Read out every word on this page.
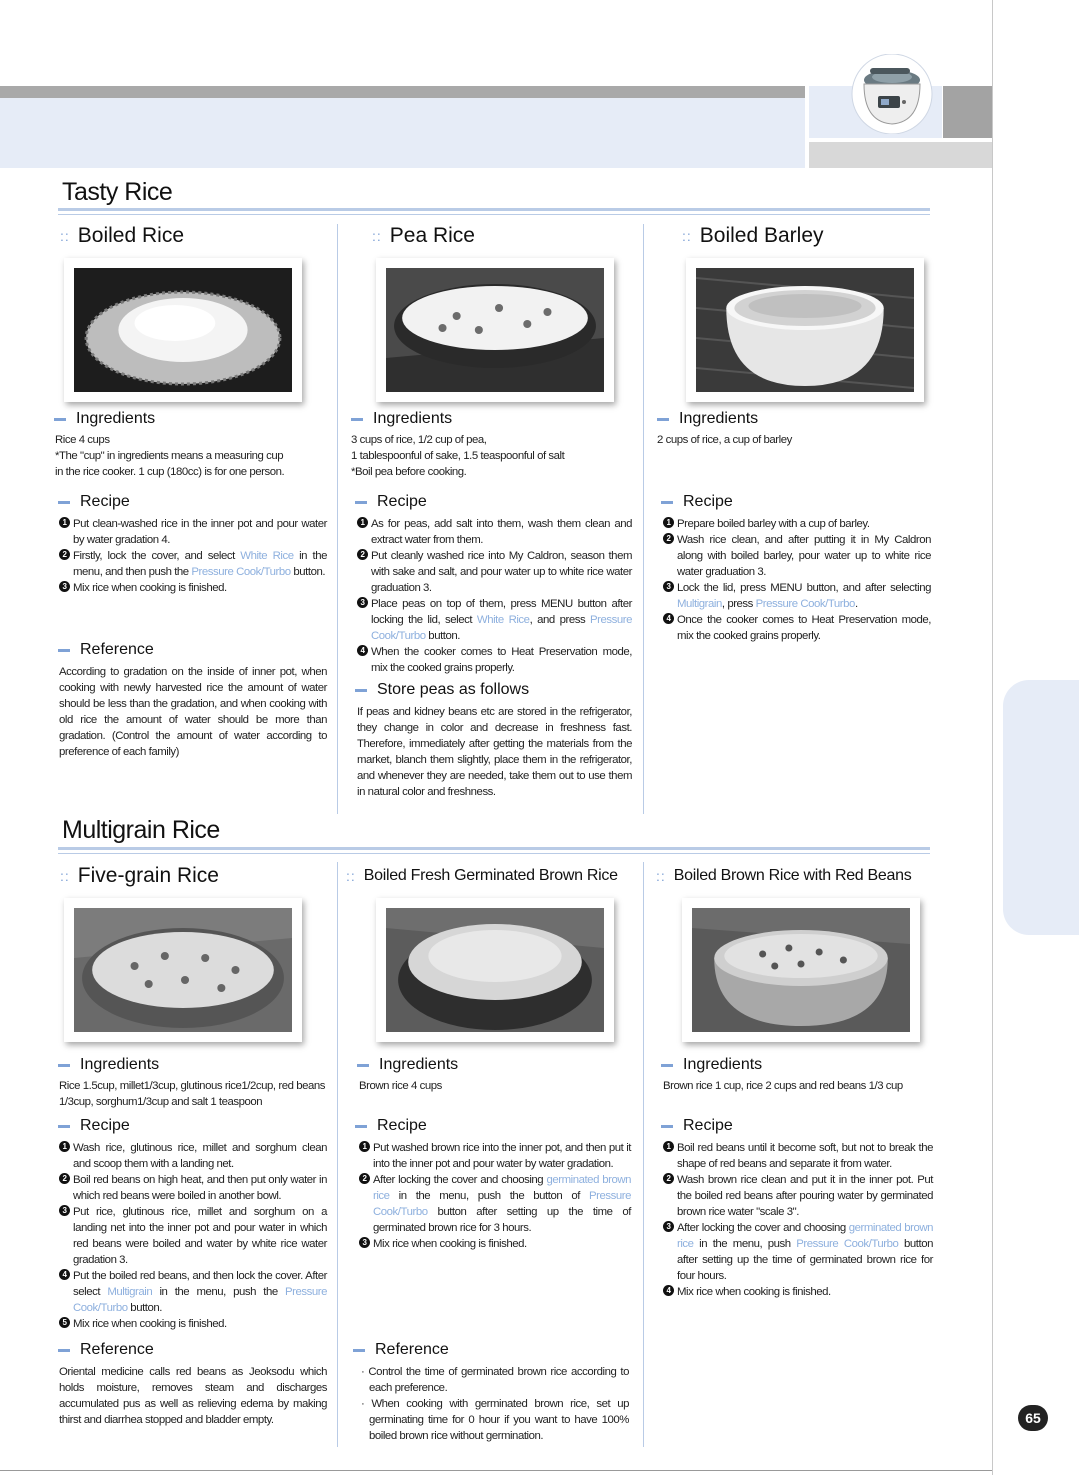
Tasty Rice
:: Boiled Rice
Ingredients
Rice 4 cups
*The "cup" in ingredients means a measuring cup
in the rice cooker. 1 cup (180cc) is for one person.
Recipe
1 Put clean-washed rice in the inner pot and pour water by water gradation 4.
2 Firstly, lock the cover, and select White Rice in the menu, and then push the Pressure Cook/Turbo button.
3 Mix rice when cooking is finished.
Reference
According to gradation on the inside of inner pot, when cooking with newly harvested rice the amount of water should be less than the gradation, and when cooking with old rice the amount of water should be more than gradation. (Control the amount of water according to preference of each family)
:: Pea Rice
Ingredients
3 cups of rice, 1/2 cup of pea,
1 tablespoonful of sake, 1.5 teaspoonful of salt
*Boil pea before cooking.
Recipe
1 As for peas, add salt into them, wash them clean and extract water from them.
2 Put cleanly washed rice into My Caldron, season them with sake and salt, and pour water up to white rice water graduation 3.
3 Place peas on top of them, press MENU button after locking the lid, select White Rice, and press Pressure Cook/Turbo button.
4 When the cooker comes to Heat Preservation mode, mix the cooked grains properly.
Store peas as follows
If peas and kidney beans etc are stored in the refrigerator, they change in color and decrease in freshness fast. Therefore, immediately after getting the materials from the market, blanch them slightly, place them in the refrigerator, and whenever they are needed, take them out to use them in natural color and freshness.
:: Boiled Barley
Ingredients
2 cups of rice, a cup of barley
Recipe
1 Prepare boiled barley with a cup of barley.
2 Wash rice clean, and after putting it in My Caldron along with boiled barley, pour water up to white rice water graduation 3.
3 Lock the lid, press MENU button, and after selecting Multigrain, press Pressure Cook/Turbo.
4 Once the cooker comes to Heat Preservation mode, mix the cooked grains properly.
Multigrain Rice
:: Five-grain Rice
Ingredients
Rice 1.5cup, millet1/3cup, glutinous rice1/2cup, red beans 1/3cup, sorghum1/3cup and salt 1 teaspoon
Recipe
1 Wash rice, glutinous rice, millet and sorghum clean and scoop them with a landing net.
2 Boil red beans on high heat, and then put only water in which red beans were boiled in another bowl.
3 Put rice, glutinous rice, millet and sorghum on a landing net into the inner pot and pour water in which red beans were boiled and water by white rice water gradation 3.
4 Put the boiled red beans, and then lock the cover. After select Multigrain in the menu, push the Pressure Cook/Turbo button.
5 Mix rice when cooking is finished.
Reference
Oriental medicine calls red beans as Jeoksodu which holds moisture, removes steam and discharges accumulated pus as well as relieving edema by making thirst and diarrhea stopped and bladder empty.
:: Boiled Fresh Germinated Brown Rice
Ingredients
Brown rice 4 cups
Recipe
1 Put washed brown rice into the inner pot, and then put it into the inner pot and pour water by water gradation.
2 After locking the cover and choosing germinated brown rice in the menu, push the button of Pressure Cook/Turbo button after setting up the time of germinated brown rice for 3 hours.
3 Mix rice when cooking is finished.
Reference
· Control the time of germinated brown rice according to each preference.
· When cooking with germinated brown rice, set up germinating time for 0 hour if you want to have 100% boiled brown rice without germination.
:: Boiled Brown Rice with Red Beans
Ingredients
Brown rice 1 cup, rice 2 cups and red beans 1/3 cup
Recipe
1 Boil red beans until it become soft, but not to break the shape of red beans and separate it from water.
2 Wash brown rice clean and put it in the inner pot. Put the boiled red beans after pouring water by germinated brown rice water "scale 3".
3 After locking the cover and choosing germinated brown rice in the menu, push Pressure Cook/Turbo button after setting up the time of germinated brown rice for four hours.
4 Mix rice when cooking is finished.
65
